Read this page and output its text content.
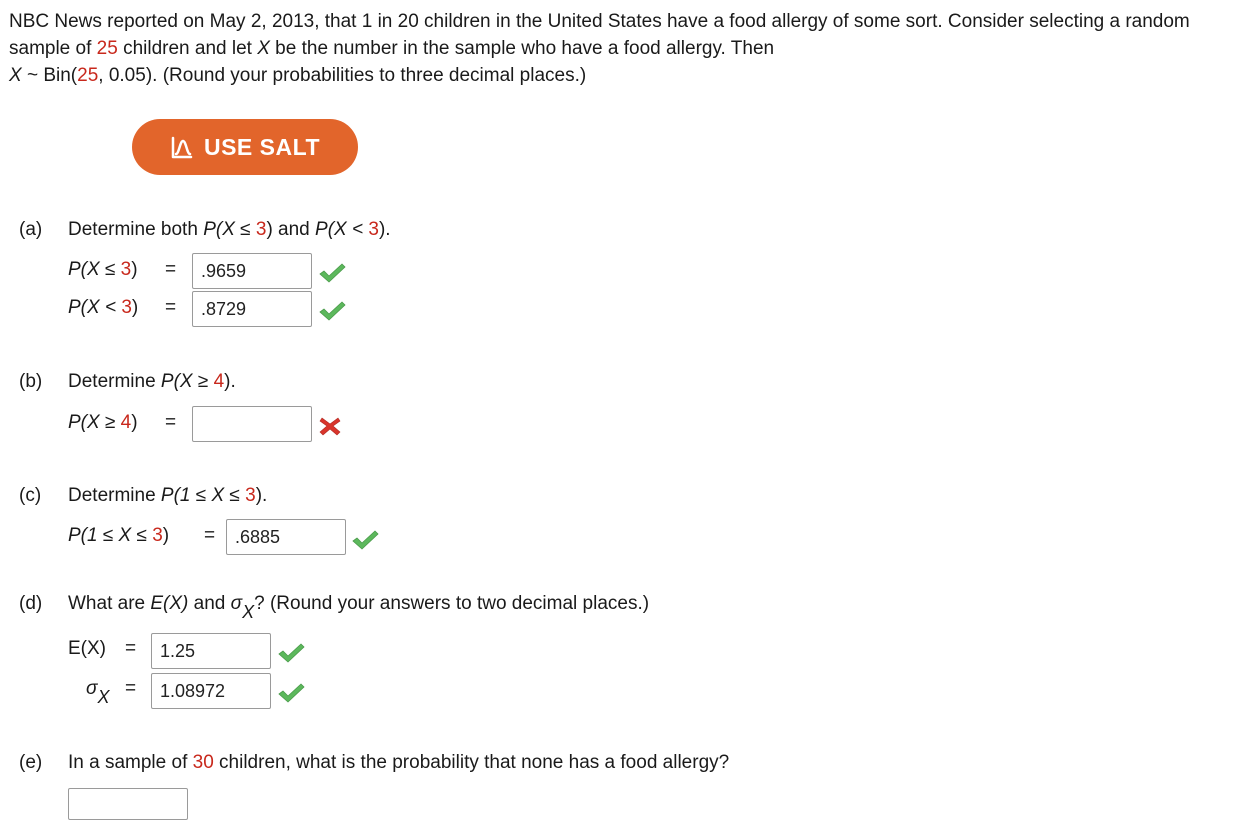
NBC News reported on May 2, 2013, that 1 in 20 children in the United States have a food allergy of some sort. Consider selecting a random sample of 25 children and let X be the number in the sample who have a food allergy. Then
X ~ Bin(25, 0.05). (Round your probabilities to three decimal places.)
USE SALT
(a) Determine both P(X ≤ 3) and P(X < 3).
P(X ≤ 3) =
.9659
P(X < 3) =
.8729
(b) Determine P(X ≥ 4).
P(X ≥ 4) =
(c) Determine P(1 ≤ X ≤ 3).
P(1 ≤ X ≤ 3) =
.6885
(d) What are E(X) and $\sigma_X$? (Round your answers to two decimal places.)
E(X) =
1.25
$\sigma_X$ =
1.08972
(e) In a sample of 30 children, what is the probability that none has a food allergy?
